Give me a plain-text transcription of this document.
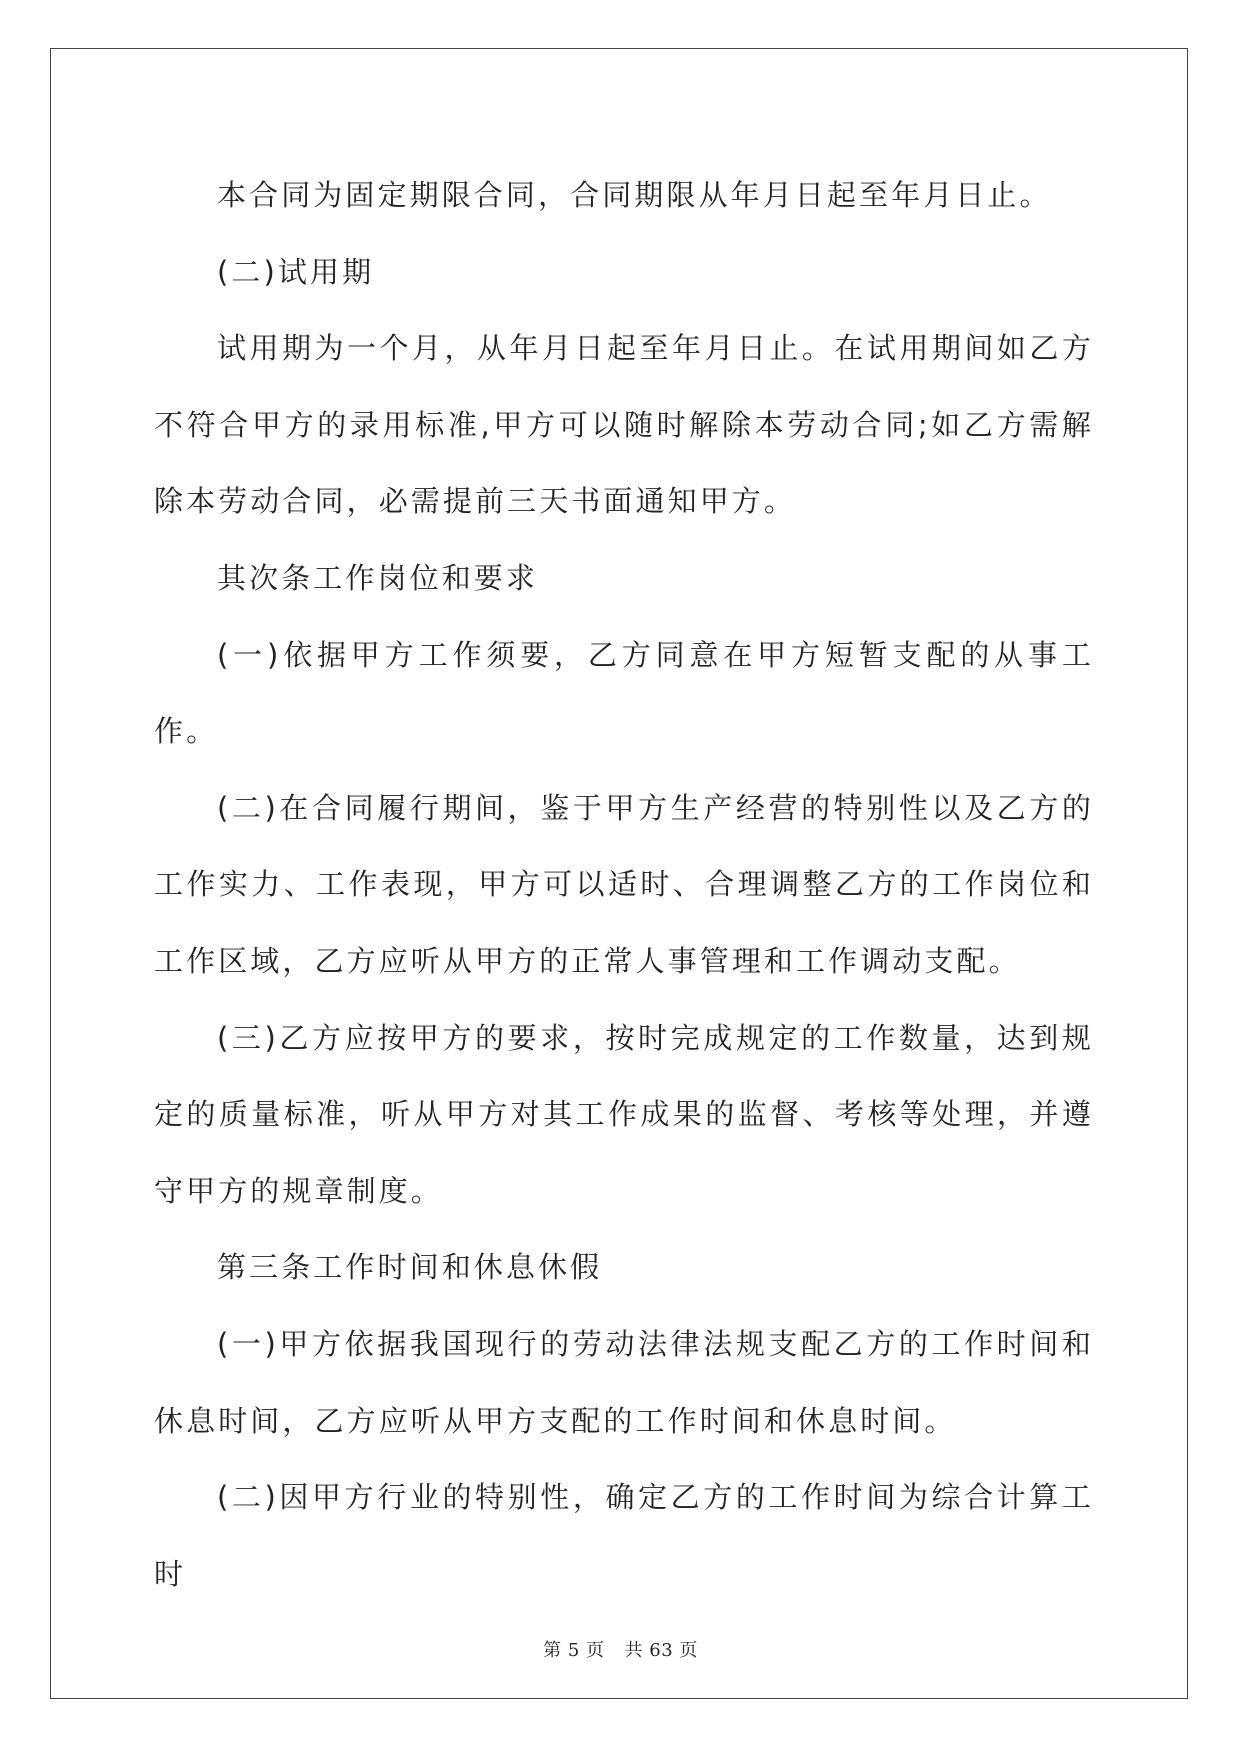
本合同为固定期限合同，合同期限从年月日起至年月日止。

(二)试用期

试用期为一个月，从年月日起至年月日止。在试用期间如乙方不符合甲方的录用标准,甲方可以随时解除本劳动合同;如乙方需解除本劳动合同，必需提前三天书面通知甲方。

其次条工作岗位和要求

(一)依据甲方工作须要，乙方同意在甲方短暂支配的从事工作。

(二)在合同履行期间，鉴于甲方生产经营的特别性以及乙方的工作实力、工作表现，甲方可以适时、合理调整乙方的工作岗位和工作区域，乙方应听从甲方的正常人事管理和工作调动支配。

(三)乙方应按甲方的要求，按时完成规定的工作数量，达到规定的质量标准，听从甲方对其工作成果的监督、考核等处理，并遵守甲方的规章制度。

第三条工作时间和休息休假

(一)甲方依据我国现行的劳动法律法规支配乙方的工作时间和休息时间，乙方应听从甲方支配的工作时间和休息时间。

(二)因甲方行业的特别性，确定乙方的工作时间为综合计算工时

第 5 页 共 63 页
